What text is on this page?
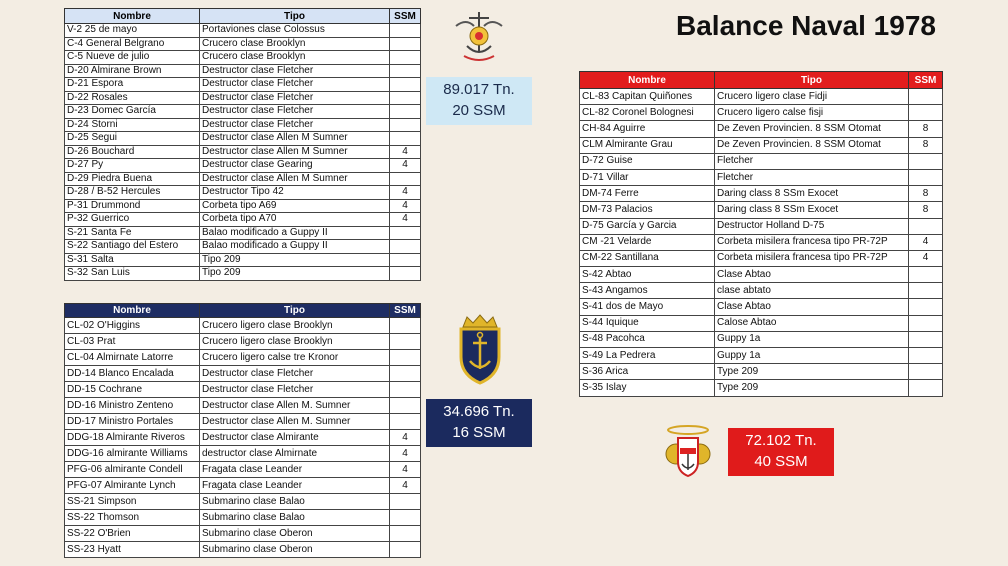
Balance Naval 1978
Nombre	Tipo	SSM
V-2 25 de mayo	Portaviones clase Colossus	
C-4 General Belgrano	Crucero clase Brooklyn	
C-5 Nueve de julio	Crucero clase Brooklyn	
D-20 Almirane Brown	Destructor clase Fletcher	
D-21 Espora	Destructor clase Fletcher	
D-22 Rosales	Destructor clase Fletcher	
D-23 Domec García	Destructor clase Fletcher	
D-24 Storni	Destructor clase Fletcher	
D-25 Segui	Destructor clase Allen M Sumner	
D-26 Bouchard	Destructor clase Allen M Sumner	4
D-27 Py	Destructor clase Gearing	4
D-29 Piedra Buena	Destructor clase Allen M Sumner	
D-28 / B-52 Hercules	Destructor Tipo 42	4
P-31 Drummond	Corbeta tipo A69	4
P-32 Guerrico	Corbeta tipo A70	4
S-21 Santa Fe	Balao modificado a Guppy II	
S-22 Santiago del Estero	Balao modificado a Guppy II	
S-31 Salta	Tipo 209	
S-32 San Luis	Tipo 209	
Nombre	Tipo	SSM
CL-02 O'Higgins	Crucero ligero clase Brooklyn	
CL-03 Prat	Crucero ligero clase Brooklyn	
CL-04 Almirnate Latorre	Crucero ligero calse tre Kronor	
DD-14 Blanco Encalada	Destructor clase Fletcher	
DD-15 Cochrane	Destructor clase Fletcher	
DD-16 Ministro Zenteno	Destructor clase Allen M. Sumner	
DD-17 Ministro Portales	Destructor clase Allen M. Sumner	
DDG-18 Almirante Riveros	Destructor clase Almirante	4
DDG-16 almirante Williams	destructor clase Almirnate	4
PFG-06 almirante Condell	Fragata clase Leander	4
PFG-07 Almirante Lynch	Fragata clase Leander	4
SS-21 Simpson	Submarino clase Balao	
SS-22 Thomson	Submarino clase Balao	
SS-22 O'Brien	Submarino clase Oberon	
SS-23 Hyatt	Submarino clase Oberon	
Nombre	Tipo	SSM
CL-83 Capitan Quiñones	Crucero ligero clase Fidji	
CL-82 Coronel Bolognesi	Crucero ligero calse fisji	
CH-84 Aguirre	De Zeven Provincien. 8 SSM Otomat	8
CLM Almirante Grau	De Zeven Provincien. 8 SSM Otomat	8
D-72 Guise	Fletcher	
D-71 Villar	Fletcher	
DM-74 Ferre	Daring class 8 SSm Exocet	8
DM-73 Palacios	Daring class 8 SSm Exocet	8
D-75 García y Garcia	Destructor Holland D-75	
CM -21 Velarde	Corbeta misilera francesa tipo PR-72P	4
CM-22 Santillana	Corbeta misilera francesa tipo PR-72P	4
S-42 Abtao	Clase Abtao	
S-43 Angamos	clase abtato	
S-41 dos de Mayo	Clase Abtao	
S-44 Iquique	Calose Abtao	
S-48 Pacohca	Guppy 1a	
S-49 La Pedrera	Guppy 1a	
S-36 Arica	Type 209	
S-35 Islay	Type 209	
89.017 Tn.
20 SSM
34.696 Tn.
16 SSM	72.102 Tn.
40 SSM
